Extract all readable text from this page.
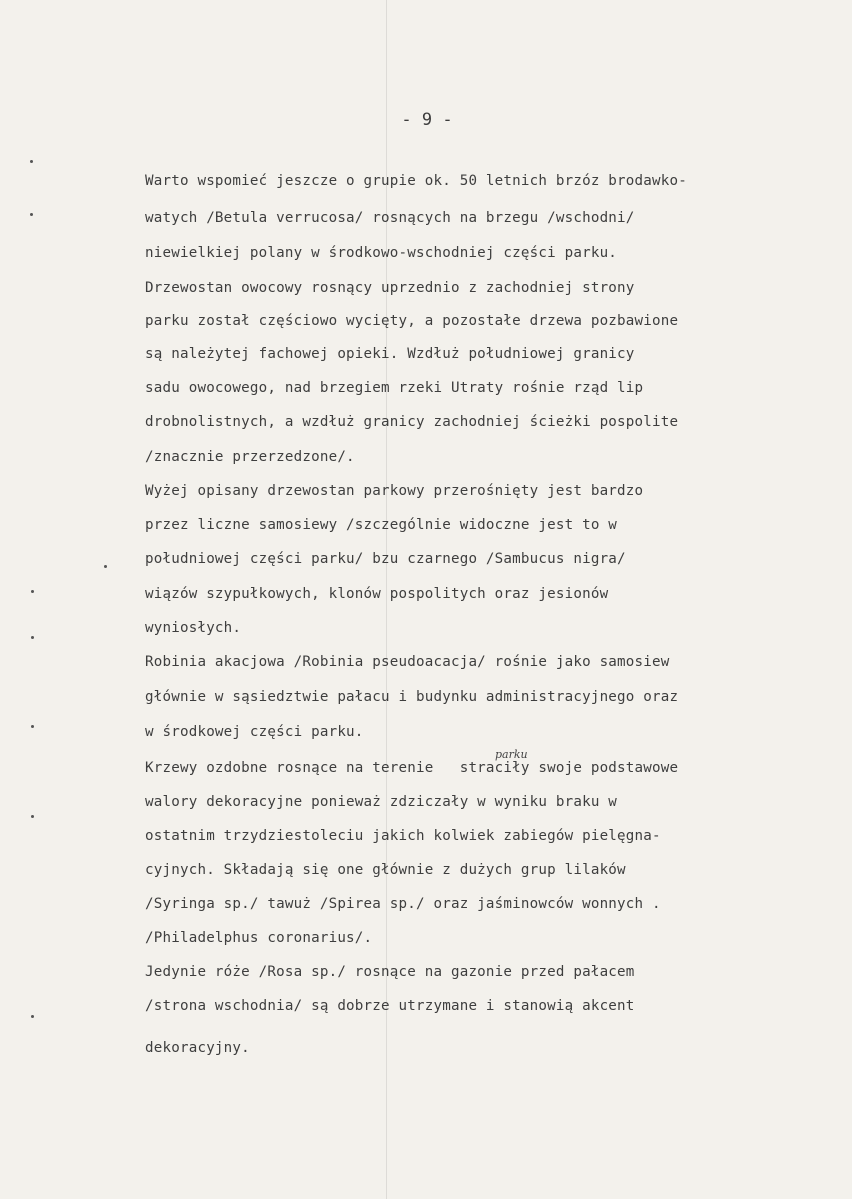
- 9 -
Warto wspomieć jeszcze o grupie ok. 50 letnich brzóz brodawko-
watych /Betula verrucosa/ rosnących na brzegu /wschodni/
niewielkiej polany w środkowo-wschodniej części parku.
Drzewostan owocowy rosnący uprzednio z zachodniej strony
parku został częściowo wycięty, a pozostałe drzewa pozbawione
są należytej fachowej opieki. Wzdłuż południowej granicy
sadu owocowego, nad brzegiem rzeki Utraty rośnie rząd lip
drobnolistnych, a wzdłuż granicy zachodniej ścieżki pospolite
/znacznie przerzedzone/.
Wyżej opisany drzewostan parkowy przerośnięty jest bardzo
przez liczne samosiewy /szczególnie widoczne jest to w
południowej części parku/ bzu czarnego /Sambucus nigra/
wiązów szypułkowych, klonów pospolitych oraz jesionów
wyniosłych.
Robinia akacjowa /Robinia pseudoacacja/ rośnie jako samosiew
głównie w sąsiedztwie pałacu i budynku administracyjnego oraz
w środkowej części parku.
parku
Krzewy ozdobne rosnące na terenie   straciły swoje podstawowe
walory dekoracyjne ponieważ zdziczały w wyniku braku w
ostatnim trzydziestoleciu jakich kolwiek zabiegów pielęgna-
cyjnych. Składają się one głównie z dużych grup lilaków
/Syringa sp./ tawuż /Spirea sp./ oraz jaśminowców wonnych .
/Philadelphus coronarius/.
Jedynie róże /Rosa sp./ rosnące na gazonie przed pałacem
/strona wschodnia/ są dobrze utrzymane i stanowią akcent
dekoracyjny.
